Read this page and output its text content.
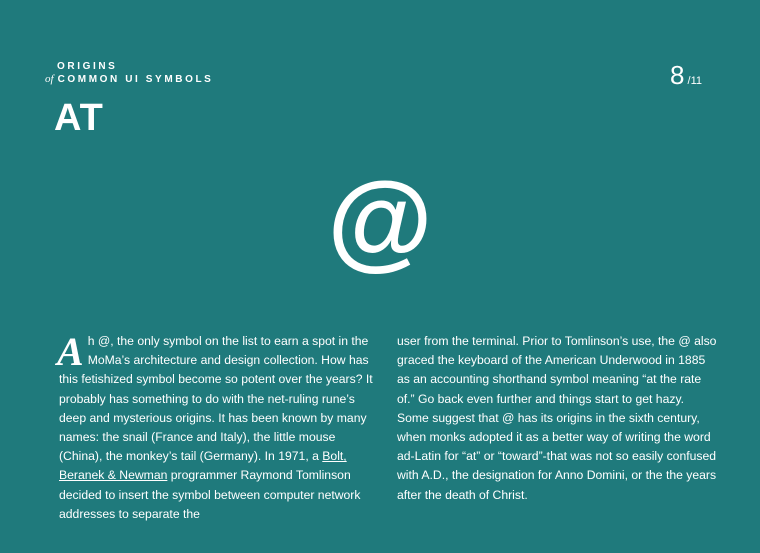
ORIGINS
of COMMON UI SYMBOLS
AT
8 /11
@

Ah @, the only symbol on the list to earn a spot in the MoMa’s architecture and design collection. How has this fetishized symbol become so potent over the years? It probably has something to do with the net-ruling rune’s deep and mysterious origins. It has been known by many names: the snail (France and Italy), the little mouse (China), the monkey’s tail (Germany). In 1971, a Bolt, Beranek & Newman programmer Raymond Tomlinson decided to insert the symbol between computer network addresses to separate the

user from the terminal. Prior to Tomlinson’s use, the @ also graced the keyboard of the American Underwood in 1885 as an accounting shorthand symbol meaning “at the rate of.” Go back even further and things start to get hazy. Some suggest that @ has its origins in the sixth century, when monks adopted it as a better way of writing the word ad-Latin for “at” or “toward”-that was not so easily confused with A.D., the designation for Anno Domini, or the the years after the death of Christ.
